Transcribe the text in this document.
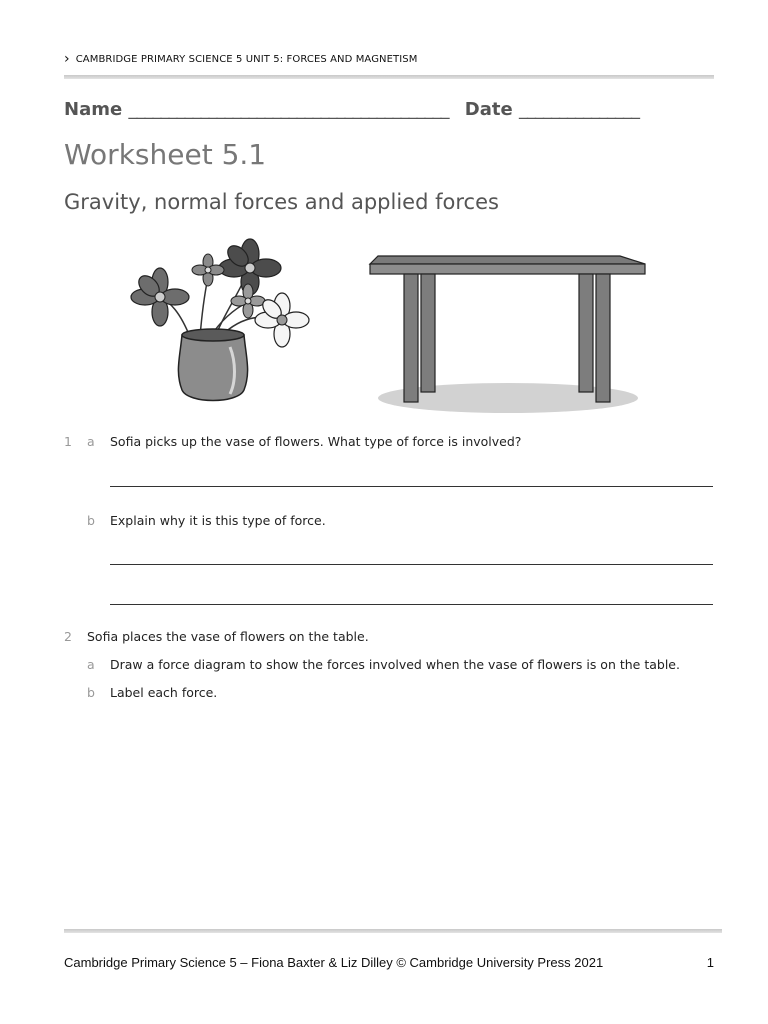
› CAMBRIDGE PRIMARY SCIENCE 5 UNIT 5: FORCES AND MAGNETISM
Name ________________________________________ Date _______________
Worksheet 5.1
Gravity, normal forces and applied forces
1 a Sofia picks up the vase of flowers. What type of force is involved?
b Explain why it is this type of force.
2 Sofia places the vase of flowers on the table.
a Draw a force diagram to show the forces involved when the vase of flowers is on the table.
b Label each force.
Cambridge Primary Science 5 – Fiona Baxter & Liz Dilley © Cambridge University Press 2021	1
